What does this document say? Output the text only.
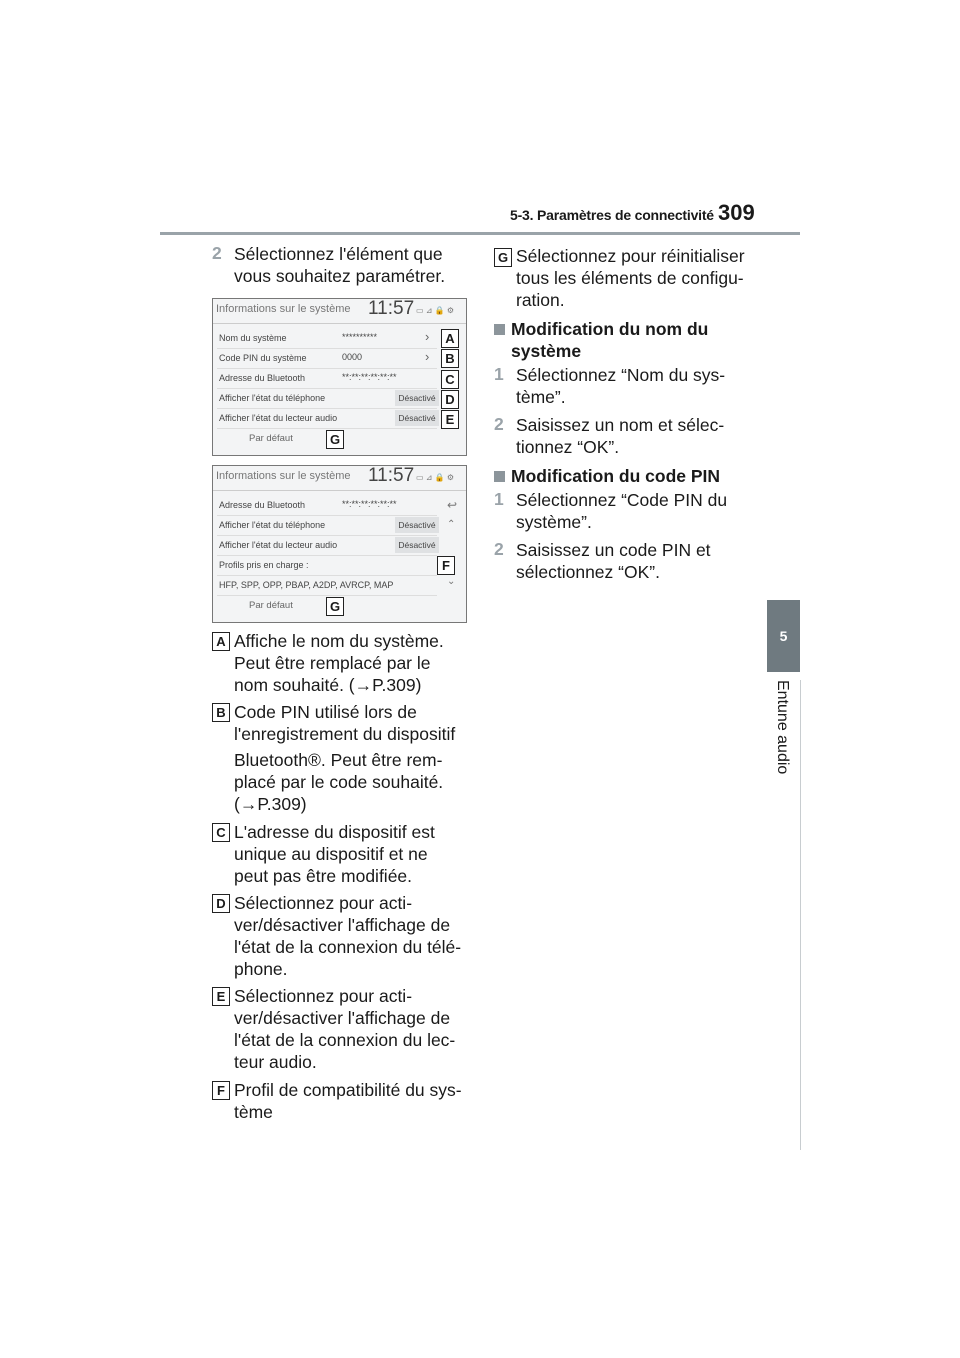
5-3. Paramètres de connectivité 309
5
Entune audio
2 Sélectionnez l'élément que
vous souhaitez paramétrer.
Informations sur le système 11:57 ▭ ⊿ 🔒 ⚙
Nom du système	**********	›
Code PIN du système	0000	›
Adresse du Bluetooth	**:**:**:**:**:**
Afficher l'état du téléphone	Désactivé
Afficher l'état du lecteur audio	Désactivé
Par défaut
A
B
C
D
E
G
Informations sur le système 11:57 ▭ ⊿ 🔒 ⚙
Adresse du Bluetooth	**:**:**:**:**:**
Afficher l'état du téléphone	Désactivé
Afficher l'état du lecteur audio	Désactivé
Profils pris en charge :
HFP, SPP, OPP, PBAP, A2DP, AVRCP, MAP
Par défaut
↩
⌃
⌄
F
G
A Affiche le nom du système.
Peut être remplacé par le
nom souhaité. (→P.309)
B Code PIN utilisé lors de
l'enregistrement du dispositif
Bluetooth®. Peut être rem-
placé par le code souhaité.
(→P.309)
C L'adresse du dispositif est
unique au dispositif et ne
peut pas être modifiée.
D Sélectionnez pour acti-
ver/désactiver l'affichage de
l'état de la connexion du télé-
phone.
E Sélectionnez pour acti-
ver/désactiver l'affichage de
l'état de la connexion du lec-
teur audio.
F Profil de compatibilité du sys-
tème
G Sélectionnez pour réinitialiser
tous les éléments de configu-
ration.
Modification du nom du
système
1 Sélectionnez “Nom du sys-
tème”.
2 Saisissez un nom et sélec-
tionnez “OK”.
Modification du code PIN
1 Sélectionnez “Code PIN du
système”.
2 Saisissez un code PIN et
sélectionnez “OK”.
